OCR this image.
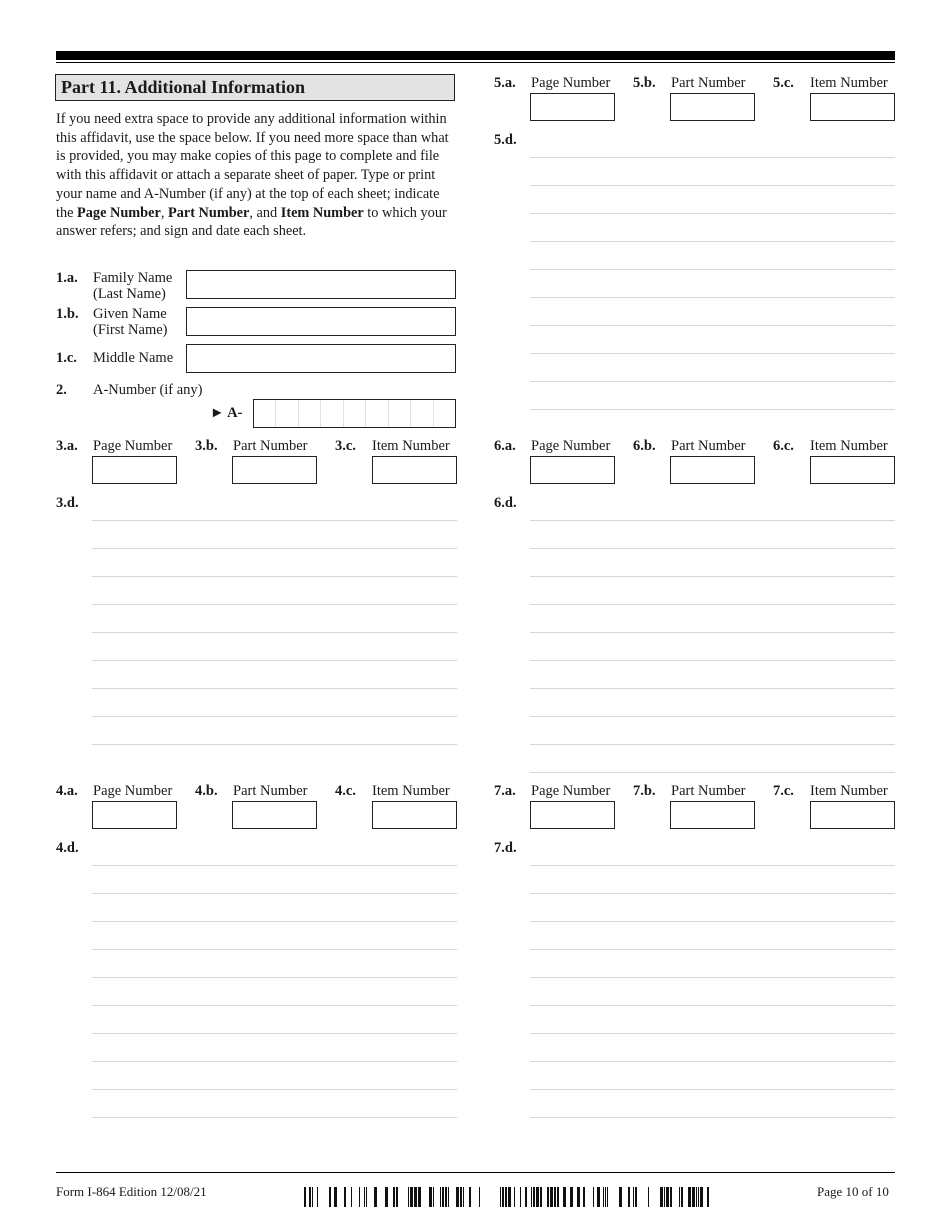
Part 11. Additional Information
If you need extra space to provide any additional information within this affidavit, use the space below. If you need more space than what is provided, you may make copies of this page to complete and file with this affidavit or attach a separate sheet of paper. Type or print your name and A-Number (if any) at the top of each sheet; indicate the Page Number, Part Number, and Item Number to which your answer refers; and sign and date each sheet.
1.a. Family Name
(Last Name)
1.b. Given Name
(First Name)
1.c. Middle Name
2. A-Number (if any)
► A-
3.a. Page Number 3.b. Part Number 3.c. Item Number
3.d.
4.a. Page Number 4.b. Part Number 4.c. Item Number
4.d.
5.a. Page Number 5.b. Part Number 5.c. Item Number
5.d.
6.a. Page Number 6.b. Part Number 6.c. Item Number
6.d.
7.a. Page Number 7.b. Part Number 7.c. Item Number
7.d.
Form I-864 Edition 12/08/21	Page 10 of 10
